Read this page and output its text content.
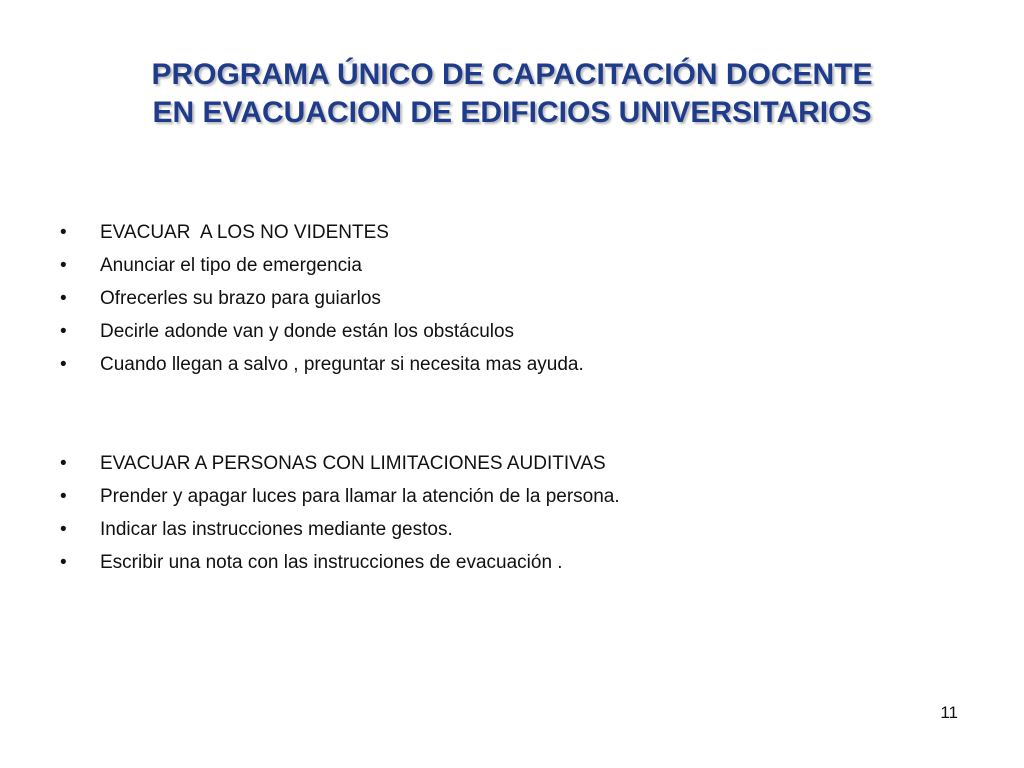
PROGRAMA ÚNICO DE CAPACITACIÓN DOCENTE
EN EVACUACION DE EDIFICIOS UNIVERSITARIOS
• EVACUAR  A LOS NO VIDENTES
• Anunciar el tipo de emergencia
• Ofrecerles su brazo para guiarlos
• Decirle adonde van y donde están los obstáculos
• Cuando llegan a salvo , preguntar si necesita mas ayuda.
• EVACUAR A PERSONAS CON LIMITACIONES AUDITIVAS
• Prender y apagar luces para llamar la atención de la persona.
• Indicar las instrucciones mediante gestos.
• Escribir una nota con las instrucciones de evacuación .
11
